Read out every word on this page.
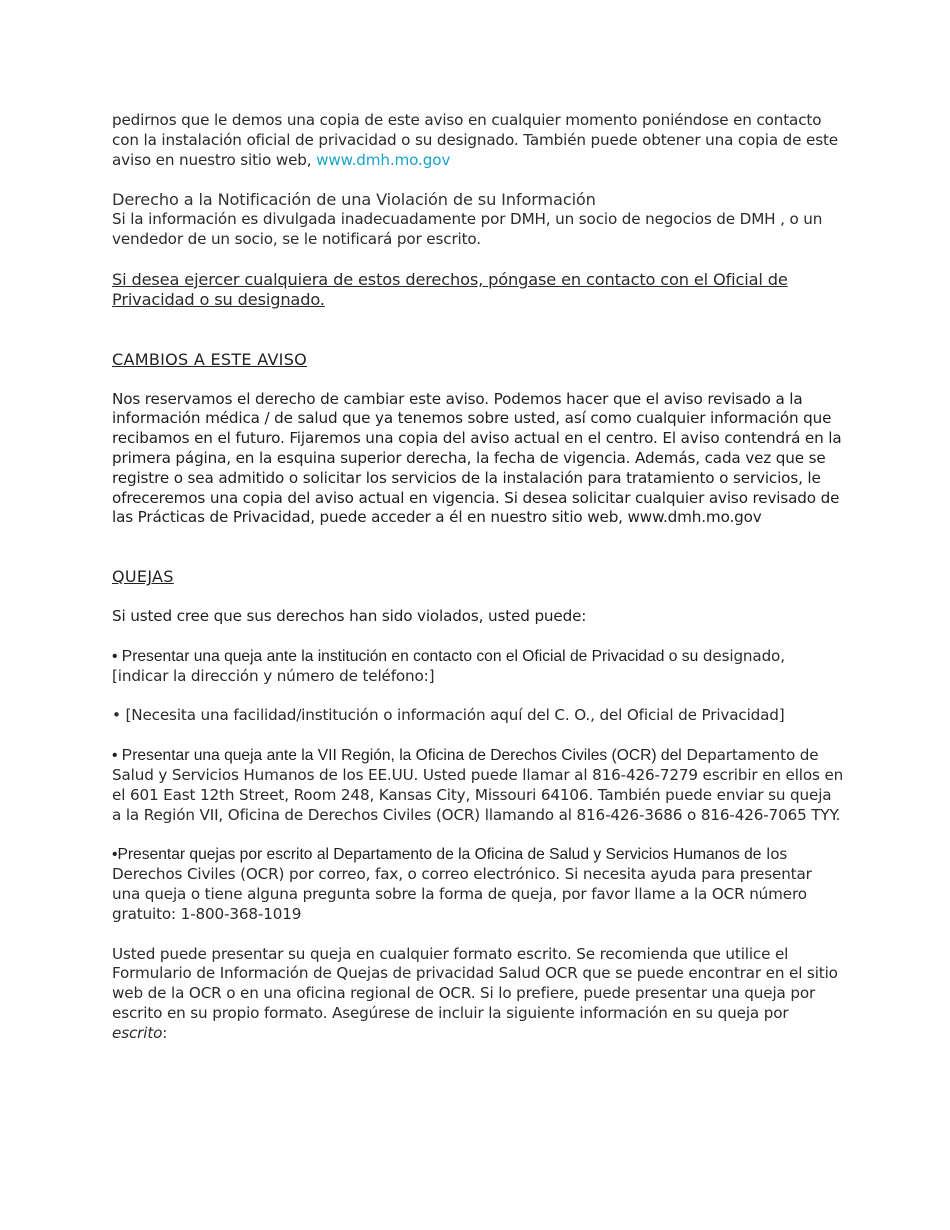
pedirnos que le demos una copia de este aviso en cualquier momento poniéndose en contacto con la instalación oficial de privacidad o su designado. También puede obtener una copia de este aviso en nuestro sitio web, www.dmh.mo.gov

Derecho a la Notificación de una Violación de su Información

Si la información es divulgada inadecuadamente por DMH, un socio de negocios de DMH , o un vendedor de un socio, se le notificará por escrito.

Si desea ejercer cualquiera de estos derechos, póngase en contacto con el Oficial de Privacidad o su designado.

CAMBIOS A ESTE AVISO

Nos reservamos el derecho de cambiar este aviso. Podemos hacer que el aviso revisado a la información médica / de salud que ya tenemos sobre usted, así como cualquier información que recibamos en el futuro. Fijaremos una copia del aviso actual en el centro. El aviso contendrá en la primera página, en la esquina superior derecha, la fecha de vigencia. Además, cada vez que se registre o sea admitido o solicitar los servicios de la instalación para tratamiento o servicios, le ofreceremos una copia del aviso actual en vigencia. Si desea solicitar cualquier aviso revisado de las Prácticas de Privacidad, puede acceder a él en nuestro sitio web, www.dmh.mo.gov

QUEJAS

Si usted cree que sus derechos han sido violados, usted puede:

• Presentar una queja ante la institución en contacto con el Oficial de Privacidad o su designado, [indicar la dirección y número de teléfono:]

• [Necesita una facilidad/institución o información aquí del C. O., del Oficial de Privacidad]

• Presentar una queja ante la VII Región, la Oficina de Derechos Civiles (OCR) del Departamento de Salud y Servicios Humanos de los EE.UU. Usted puede llamar al 816-426-7279 escribir en ellos en el 601 East 12th Street, Room 248, Kansas City, Missouri 64106. También puede enviar su queja a la Región VII, Oficina de Derechos Civiles (OCR) llamando al 816-426-3686 o 816-426-7065 TYY.

•Presentar quejas por escrito al Departamento de la Oficina de Salud y Servicios Humanos de los Derechos Civiles (OCR) por correo, fax, o correo electrónico. Si necesita ayuda para presentar una queja o tiene alguna pregunta sobre la forma de queja, por favor llame a la OCR número gratuito: 1-800-368-1019

Usted puede presentar su queja en cualquier formato escrito. Se recomienda que utilice el Formulario de Información de Quejas de privacidad Salud OCR que se puede encontrar en el sitio web de la OCR o en una oficina regional de OCR. Si lo prefiere, puede presentar una queja por escrito en su propio formato. Asegúrese de incluir la siguiente información en su queja por escrito:
